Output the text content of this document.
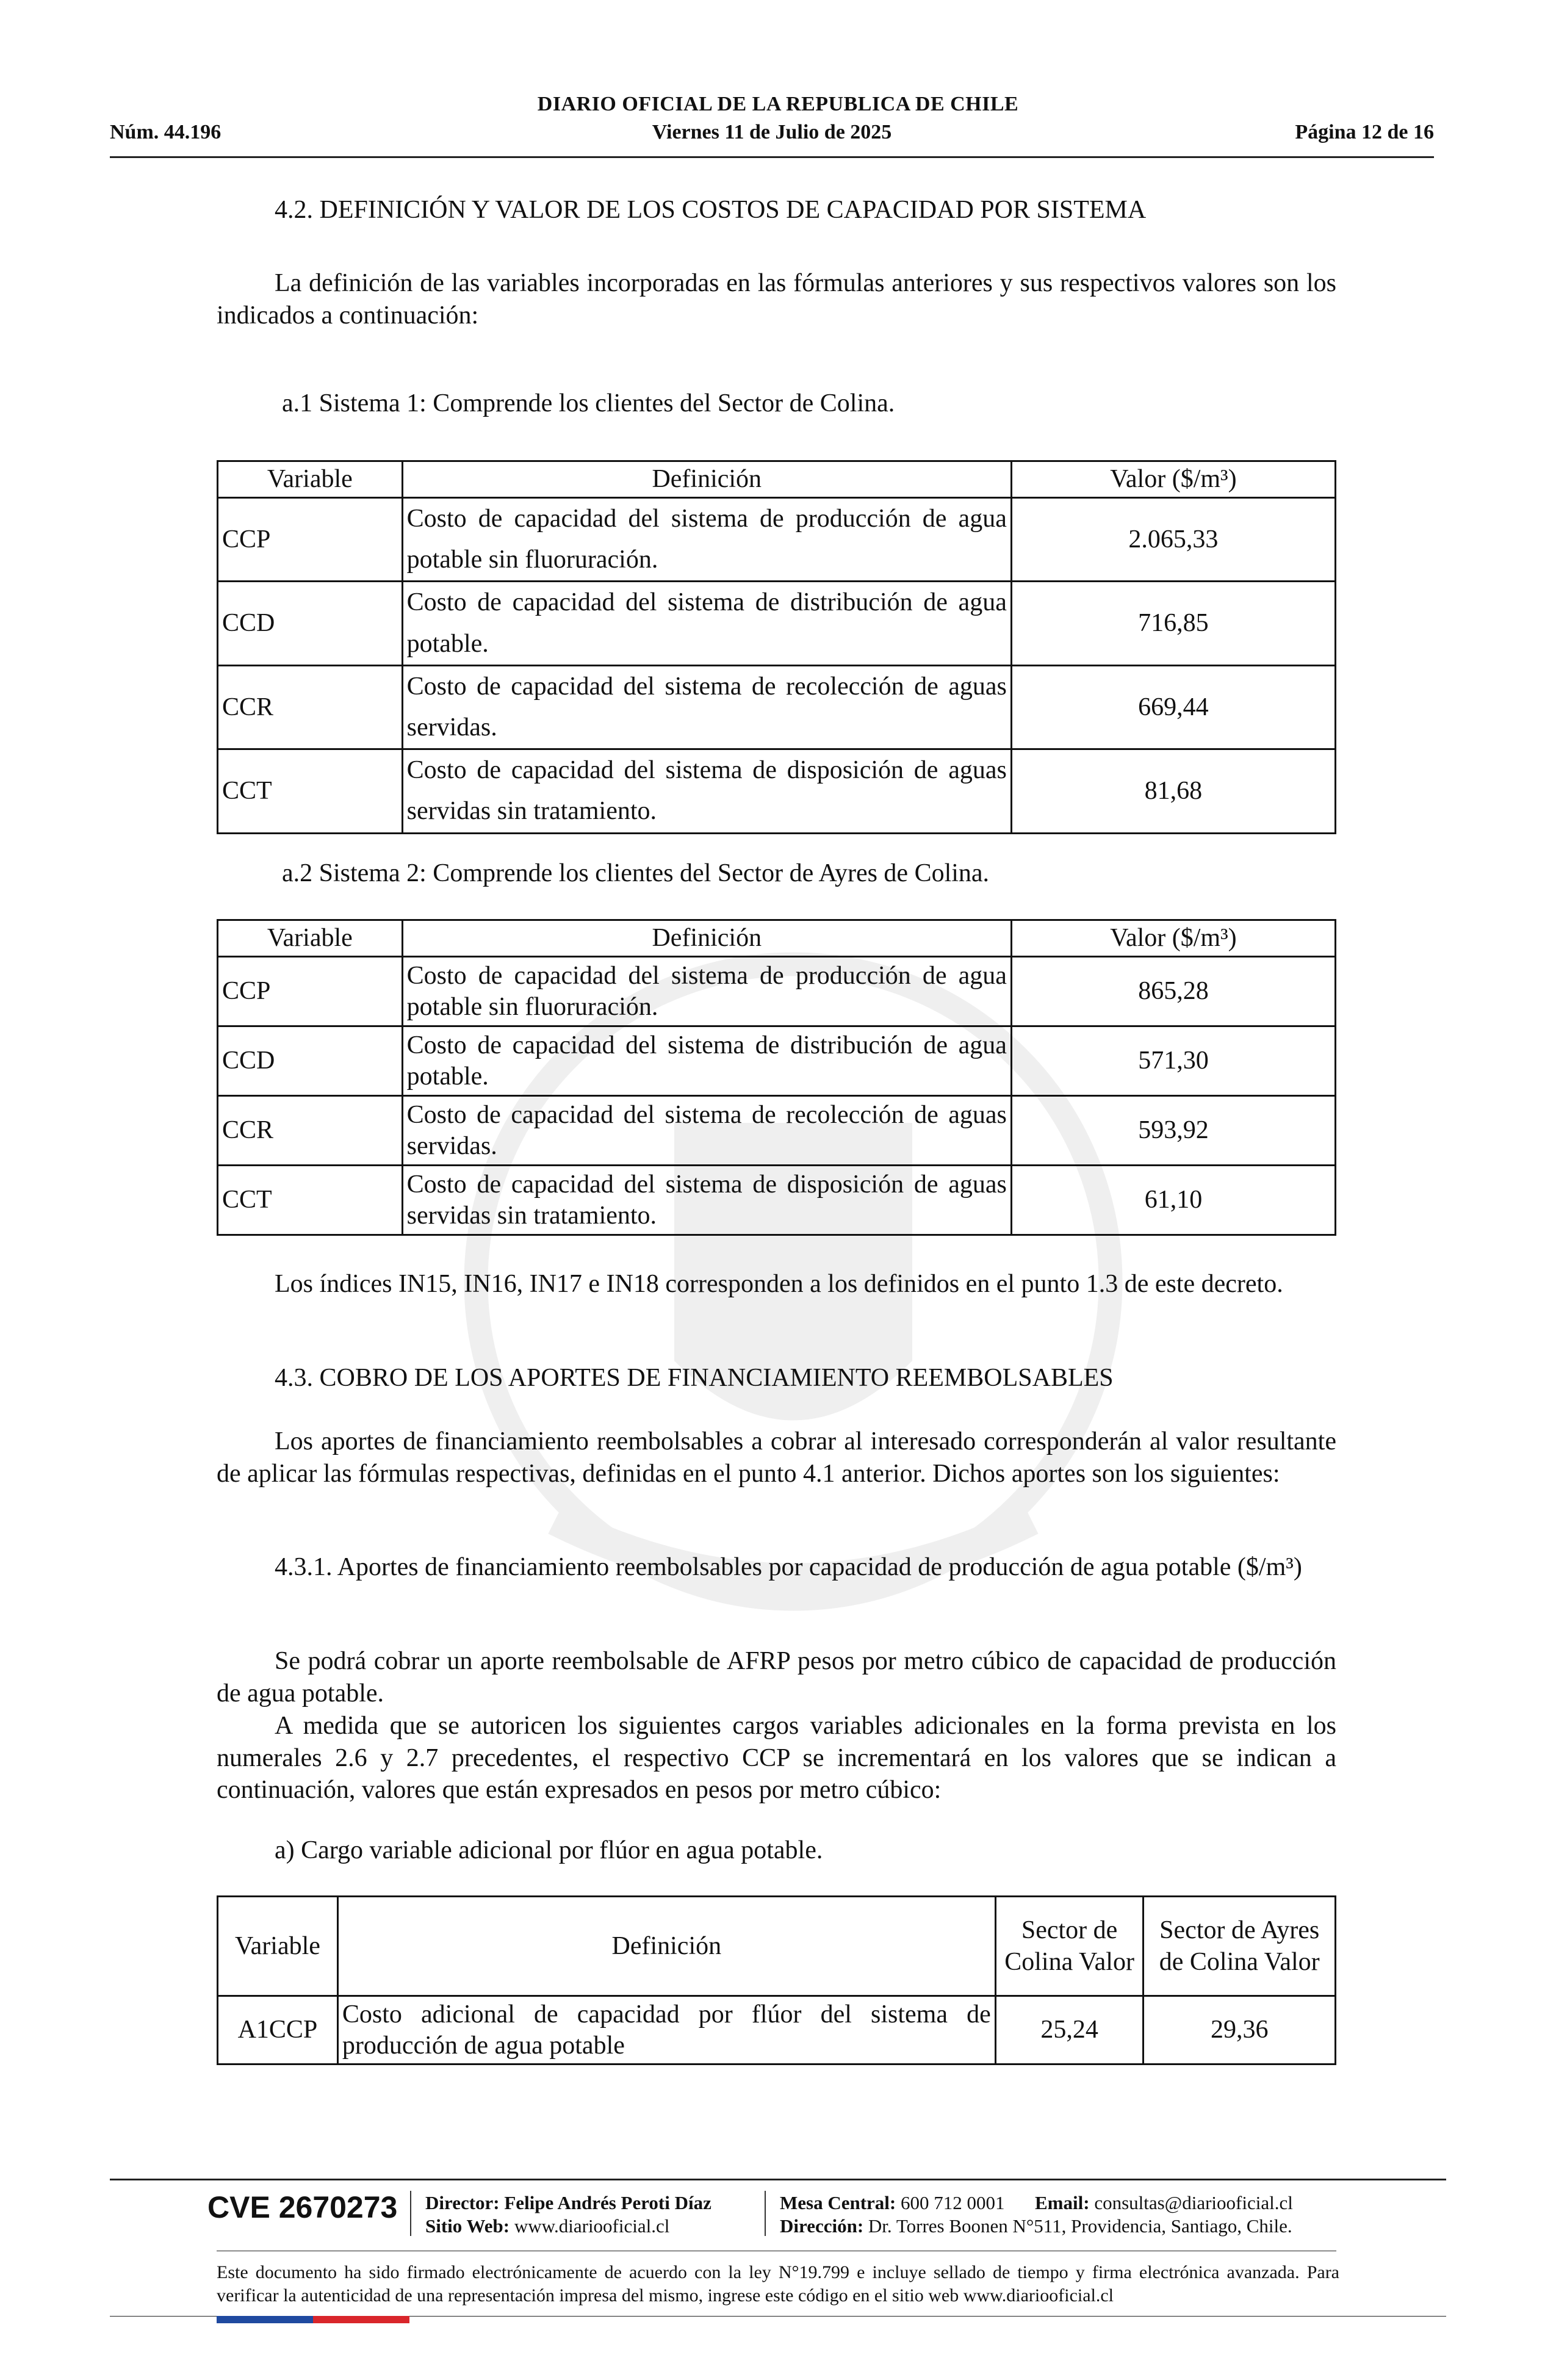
DIARIO OFICIAL DE LA REPUBLICA DE CHILE
Núm. 44.196	Viernes 11 de Julio de 2025	Página 12 de 16
4.2. DEFINICIÓN Y VALOR DE LOS COSTOS DE CAPACIDAD POR SISTEMA
La definición de las variables incorporadas en las fórmulas anteriores y sus respectivos valores son los indicados a continuación:
a.1 Sistema 1: Comprende los clientes del Sector de Colina.
Variable	Definición	Valor ($/m³)
CCP	Costo de capacidad del sistema de producción de agua potable sin fluoruración.	2.065,33
CCD	Costo de capacidad del sistema de distribución de agua potable.	716,85
CCR	Costo de capacidad del sistema de recolección de aguas servidas.	669,44
CCT	Costo de capacidad del sistema de disposición de aguas servidas sin tratamiento.	81,68
a.2 Sistema 2: Comprende los clientes del Sector de Ayres de Colina.
Variable	Definición	Valor ($/m³)
CCP	Costo de capacidad del sistema de producción de agua potable sin fluoruración.	865,28
CCD	Costo de capacidad del sistema de distribución de agua potable.	571,30
CCR	Costo de capacidad del sistema de recolección de aguas servidas.	593,92
CCT	Costo de capacidad del sistema de disposición de aguas servidas sin tratamiento.	61,10
Los índices IN15, IN16, IN17 e IN18 corresponden a los definidos en el punto 1.3 de este decreto.
4.3. COBRO DE LOS APORTES DE FINANCIAMIENTO REEMBOLSABLES
Los aportes de financiamiento reembolsables a cobrar al interesado corresponderán al valor resultante de aplicar las fórmulas respectivas, definidas en el punto 4.1 anterior. Dichos aportes son los siguientes:
4.3.1. Aportes de financiamiento reembolsables por capacidad de producción de agua potable ($/m³)
Se podrá cobrar un aporte reembolsable de AFRP pesos por metro cúbico de capacidad de producción de agua potable.
A medida que se autoricen los siguientes cargos variables adicionales en la forma prevista en los numerales 2.6 y 2.7 precedentes, el respectivo CCP se incrementará en los valores que se indican a continuación, valores que están expresados en pesos por metro cúbico:
a) Cargo variable adicional por flúor en agua potable.
Variable	Definición	Sector de Colina Valor	Sector de Ayres de Colina Valor
A1CCP	Costo adicional de capacidad por flúor del sistema de producción de agua potable	25,24	29,36
CVE 2670273 Director: Felipe Andrés Peroti Díaz
Sitio Web: www.diariooficial.cl
Mesa Central: 600 712 0001 Email: consultas@diariooficial.cl
Dirección: Dr. Torres Boonen N°511, Providencia, Santiago, Chile.
Este documento ha sido firmado electrónicamente de acuerdo con la ley N°19.799 e incluye sellado de tiempo y firma electrónica avanzada. Para verificar la autenticidad de una representación impresa del mismo, ingrese este código en el sitio web www.diariooficial.cl
